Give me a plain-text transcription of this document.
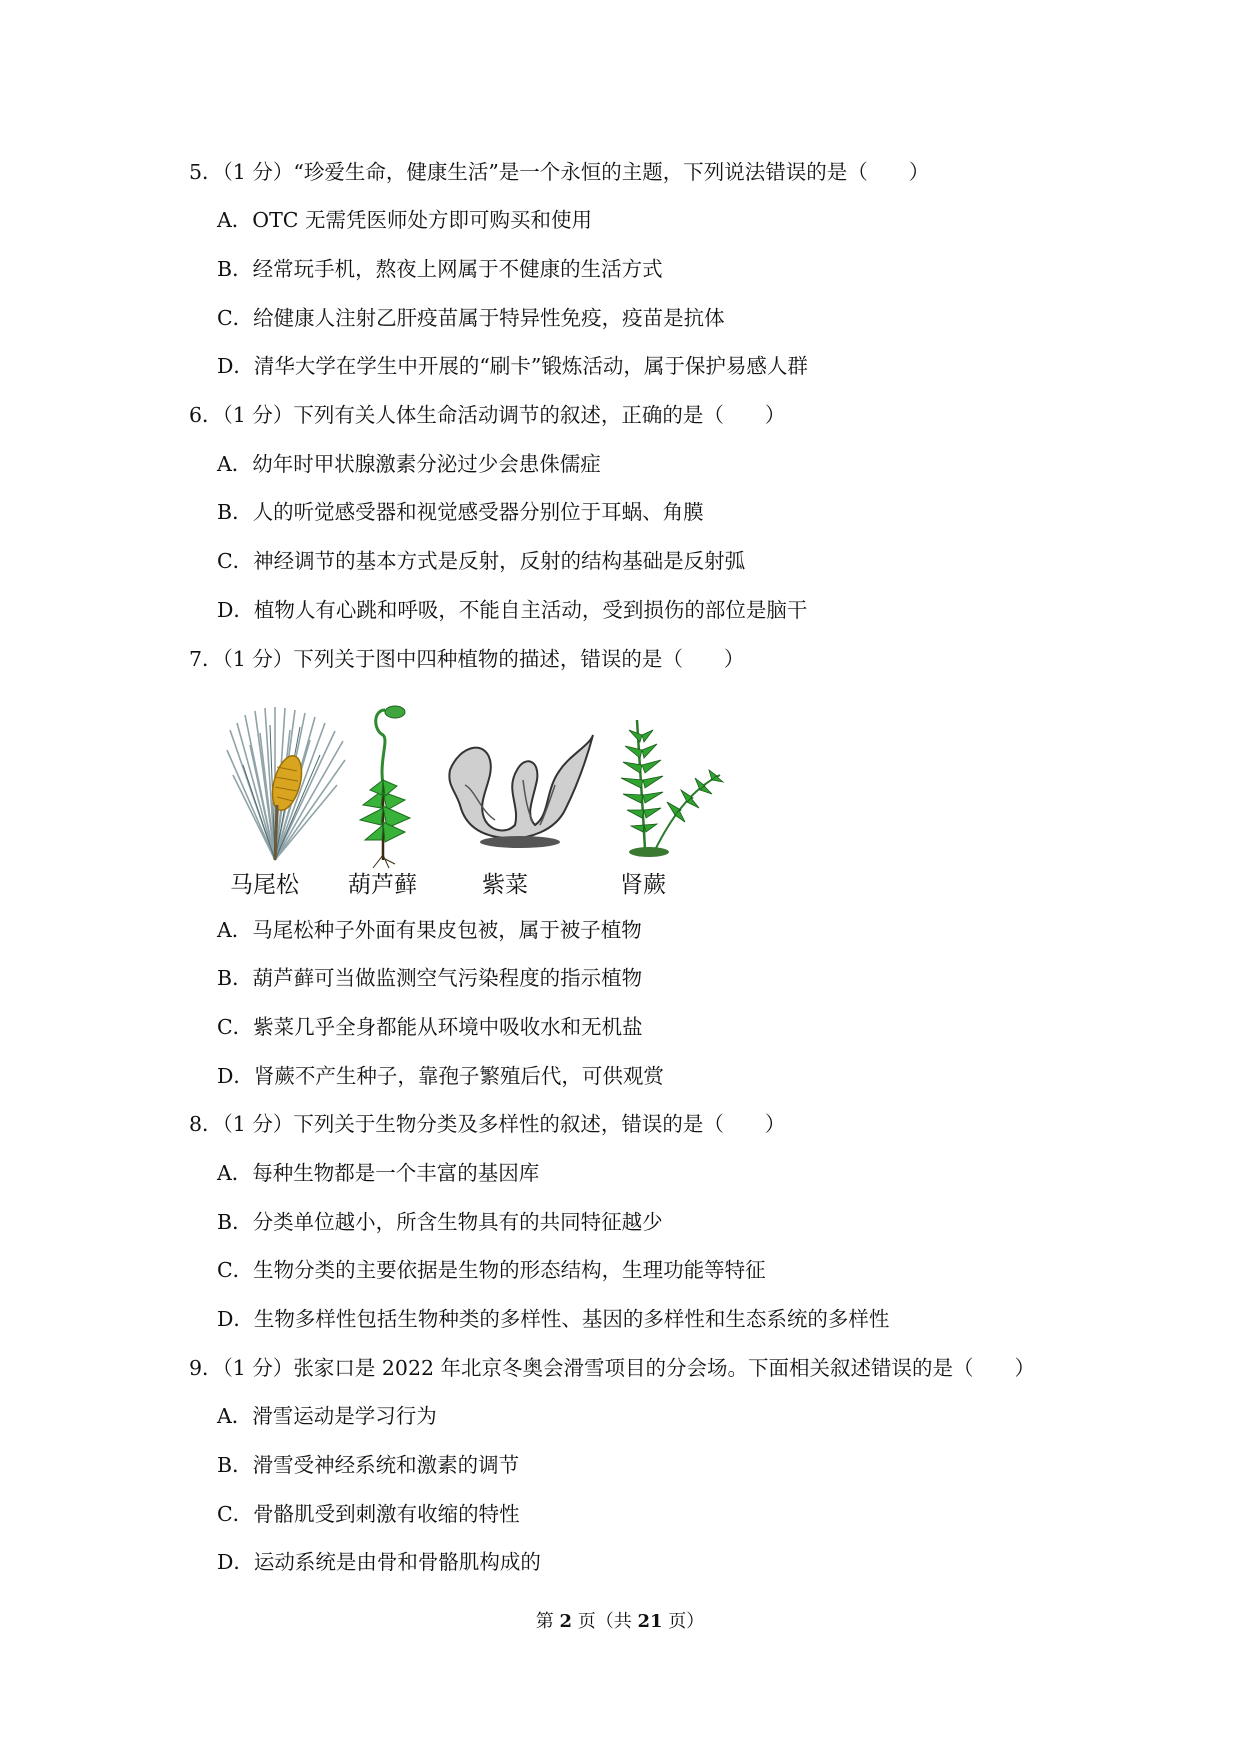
5．（1 分）“珍爱生命，健康生活”是一个永恒的主题，下列说法错误的是（　　）
A．OTC 无需凭医师处方即可购买和使用
B．经常玩手机，熬夜上网属于不健康的生活方式
C．给健康人注射乙肝疫苗属于特异性免疫，疫苗是抗体
D．清华大学在学生中开展的“刷卡”锻炼活动，属于保护易感人群
6．（1 分）下列有关人体生命活动调节的叙述，正确的是（　　）
A．幼年时甲状腺激素分泌过少会患侏儒症
B．人的听觉感受器和视觉感受器分别位于耳蜗、角膜
C．神经调节的基本方式是反射，反射的结构基础是反射弧
D．植物人有心跳和呼吸，不能自主活动，受到损伤的部位是脑干
7．（1 分）下列关于图中四种植物的描述，错误的是（　　）
马尾松 葫芦藓	紫菜	肾蕨
A．马尾松种子外面有果皮包被，属于被子植物
B．葫芦藓可当做监测空气污染程度的指示植物
C．紫菜几乎全身都能从环境中吸收水和无机盐
D．肾蕨不产生种子，靠孢子繁殖后代，可供观赏
8．（1 分）下列关于生物分类及多样性的叙述，错误的是（　　）
A．每种生物都是一个丰富的基因库
B．分类单位越小，所含生物具有的共同特征越少
C．生物分类的主要依据是生物的形态结构，生理功能等特征
D．生物多样性包括生物种类的多样性、基因的多样性和生态系统的多样性
9．（1 分）张家口是 2022 年北京冬奥会滑雪项目的分会场。下面相关叙述错误的是（　　）
A．滑雪运动是学习行为
B．滑雪受神经系统和激素的调节
C．骨骼肌受到刺激有收缩的特性
D．运动系统是由骨和骨骼肌构成的
第 2 页（共 21 页）
